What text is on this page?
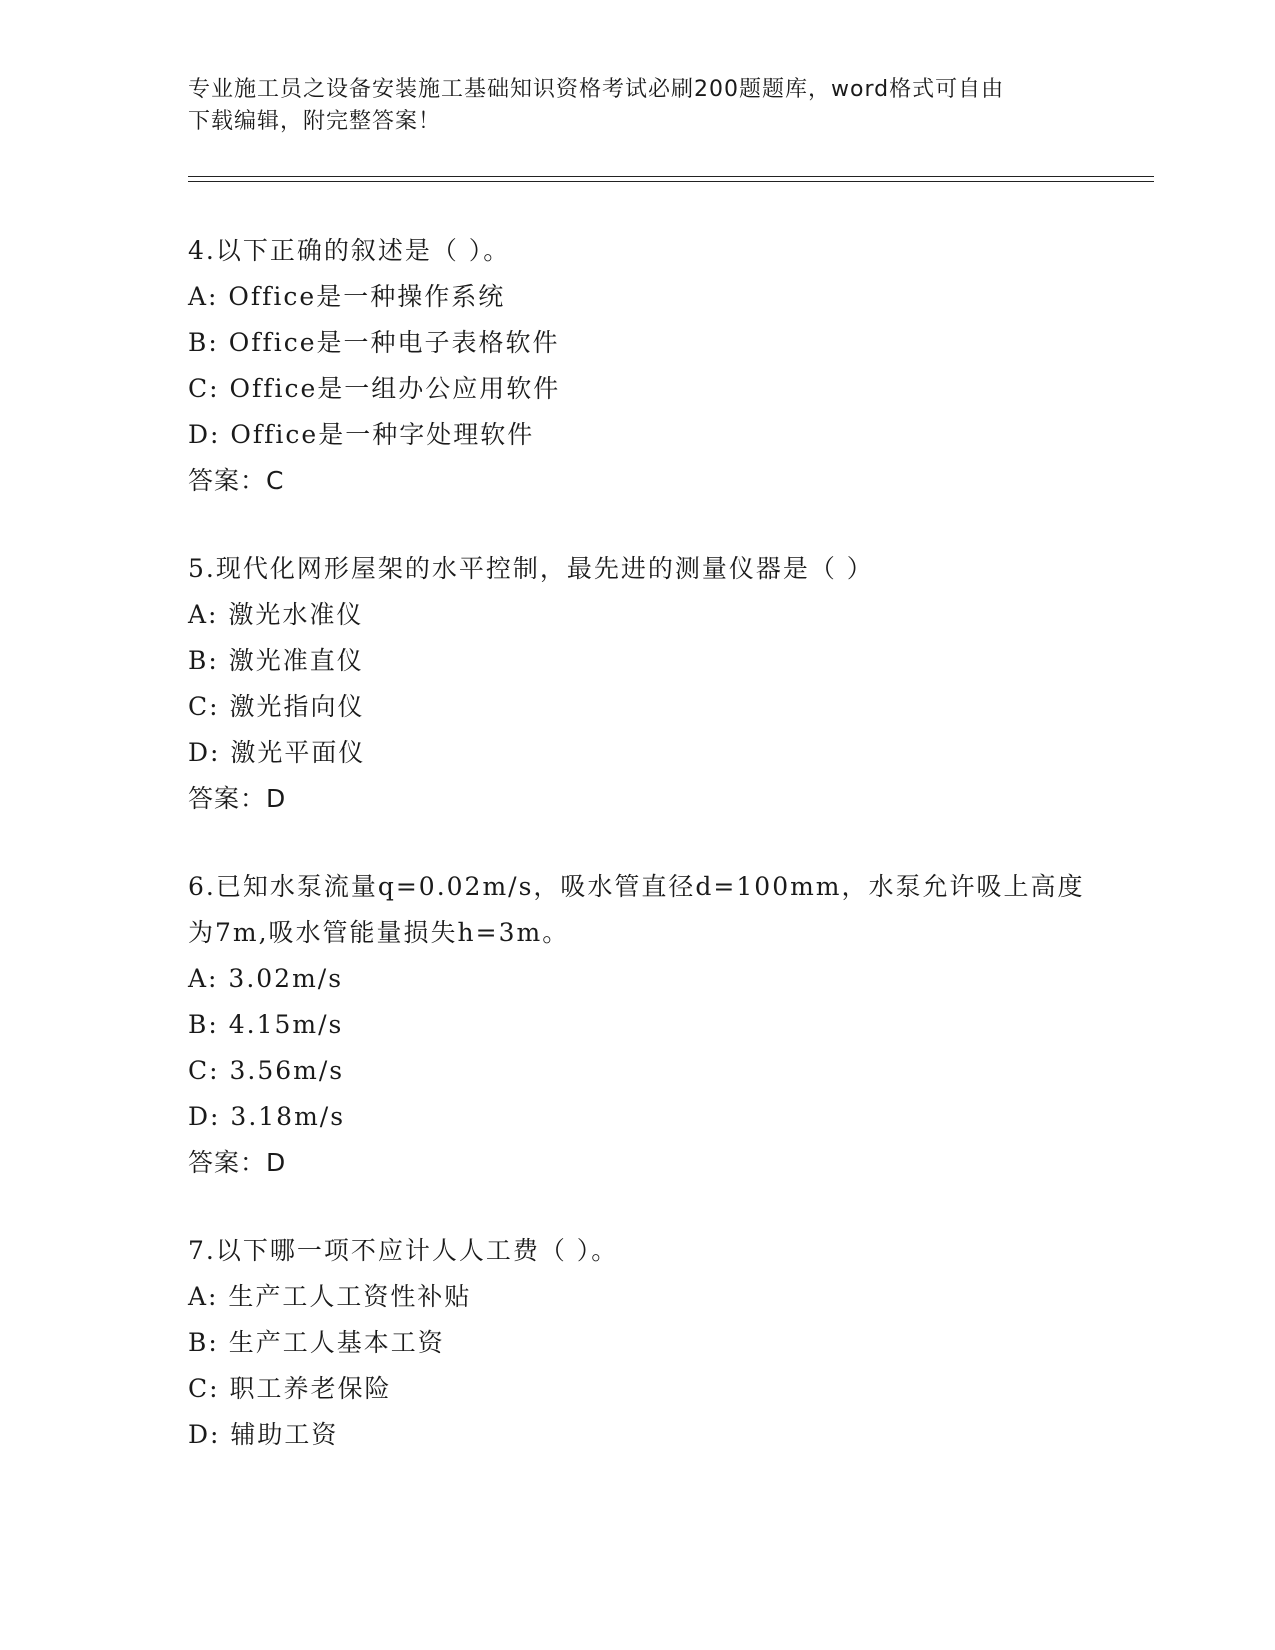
专业施工员之设备安装施工基础知识资格考试必刷200题题库，word格式可自由
下载编辑，附完整答案！
4.以下正确的叙述是（ ）。
A: Office是一种操作系统
B: Office是一种电子表格软件
C: Office是一组办公应用软件
D: Office是一种字处理软件
答案：C
5.现代化网形屋架的水平控制，最先进的测量仪器是（ ）
A: 激光水准仪
B: 激光准直仪
C: 激光指向仪
D: 激光平面仪
答案：D
6.已知水泵流量q=0.02m/s，吸水管直径d=100mm，水泵允许吸上高度
为7m,吸水管能量损失h=3m。
A: 3.02m/s
B: 4.15m/s
C: 3.56m/s
D: 3.18m/s
答案：D
7.以下哪一项不应计人人工费（ ）。
A: 生产工人工资性补贴
B: 生产工人基本工资
C: 职工养老保险
D: 辅助工资
